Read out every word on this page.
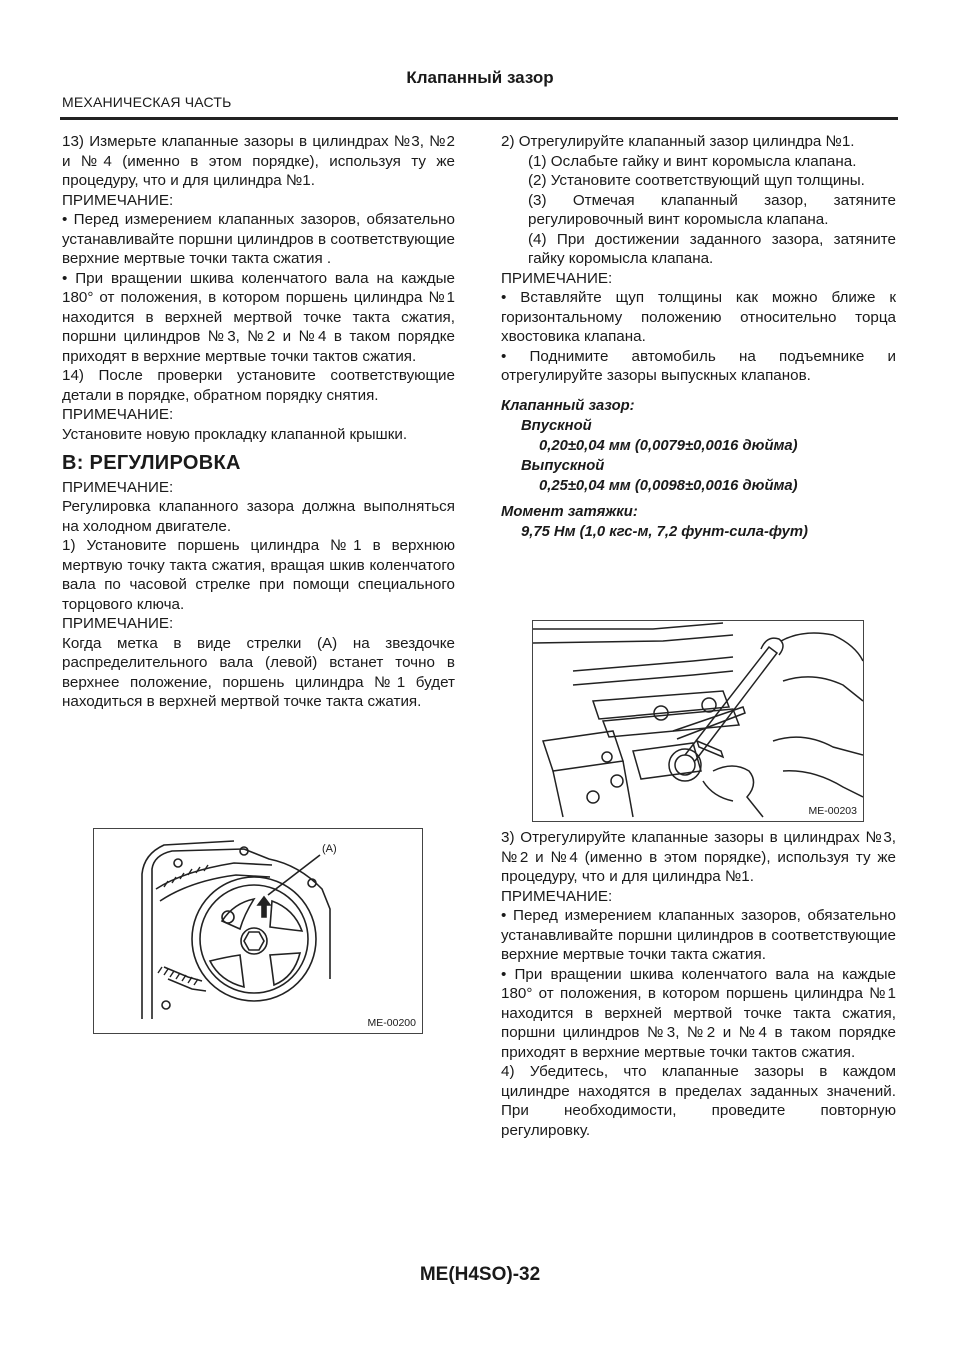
Клапанный зазор
МЕХАНИЧЕСКАЯ ЧАСТЬ

13) Измерьте клапанные зазоры в цилиндрах №3, №2 и №4 (именно в этом порядке), используя ту же процедуру, что и для цилиндра №1.

ПРИМЕЧАНИЕ:

• Перед измерением клапанных зазоров, обязательно устанавливайте поршни цилиндров в соответствующие верхние мертвые точки такта сжатия .

• При вращении шкива коленчатого вала на каждые 180° от положения, в котором поршень цилиндра №1 находится в верхней мертвой точке такта сжатия, поршни цилиндров №3, №2 и №4 в таком порядке приходят в верхние мертвые точки тактов сжатия.

14) После проверки установите соответствующие детали в порядке, обратном порядку снятия.

ПРИМЕЧАНИЕ:

Установите новую прокладку клапанной крышки.

B: РЕГУЛИРОВКА

ПРИМЕЧАНИЕ:

Регулировка клапанного зазора должна выполняться на холодном двигателе.

1) Установите поршень цилиндра №1 в верхнюю мертвую точку такта сжатия, вращая шкив коленчатого вала по часовой стрелке при помощи специального торцового ключа.

ПРИМЕЧАНИЕ:

Когда метка в виде стрелки (A) на звездочке распределительного вала (левой) встанет точно в верхнее положение, поршень цилиндра №1 будет находиться в верхней мертвой точке такта сжатия.

(A)
ME-00200

2) Отрегулируйте клапанный зазор цилиндра №1.

(1) Ослабьте гайку и винт коромысла клапана.

(2) Установите соответствующий щуп толщины.

(3) Отмечая клапанный зазор, затяните регулировочный винт коромысла клапана.

(4) При достижении заданного зазора, затяните гайку коромысла клапана.

ПРИМЕЧАНИЕ:

• Вставляйте щуп толщины как можно ближе к горизонтальному положению относительно торца хвостовика клапана.

• Поднимите автомобиль на подъемнике и отрегулируйте зазоры выпускных клапанов.

Клапанный зазор:
Впускной
0,20±0,04 мм (0,0079±0,0016 дюйма)
Выпускной
0,25±0,04 мм (0,0098±0,0016 дюйма)
Момент затяжки:
9,75 Нм (1,0 кгс-м, 7,2 фунт-сила-фут)
ME-00203

3) Отрегулируйте клапанные зазоры в цилиндрах №3, №2 и №4 (именно в этом порядке), используя ту же процедуру, что и для цилиндра №1.

ПРИМЕЧАНИЕ:

• Перед измерением клапанных зазоров, обязательно устанавливайте поршни цилиндров в соответствующие верхние мертвые точки такта сжатия.

• При вращении шкива коленчатого вала на каждые 180° от положения, в котором поршень цилиндра №1 находится в верхней мертвой точке такта сжатия, поршни цилиндров №3, №2 и №4 в таком порядке приходят в верхние мертвые точки тактов сжатия.

4) Убедитесь, что клапанные зазоры в каждом цилиндре находятся в пределах заданных значений. При необходимости, проведите повторную регулировку.

ME(H4SO)-32
